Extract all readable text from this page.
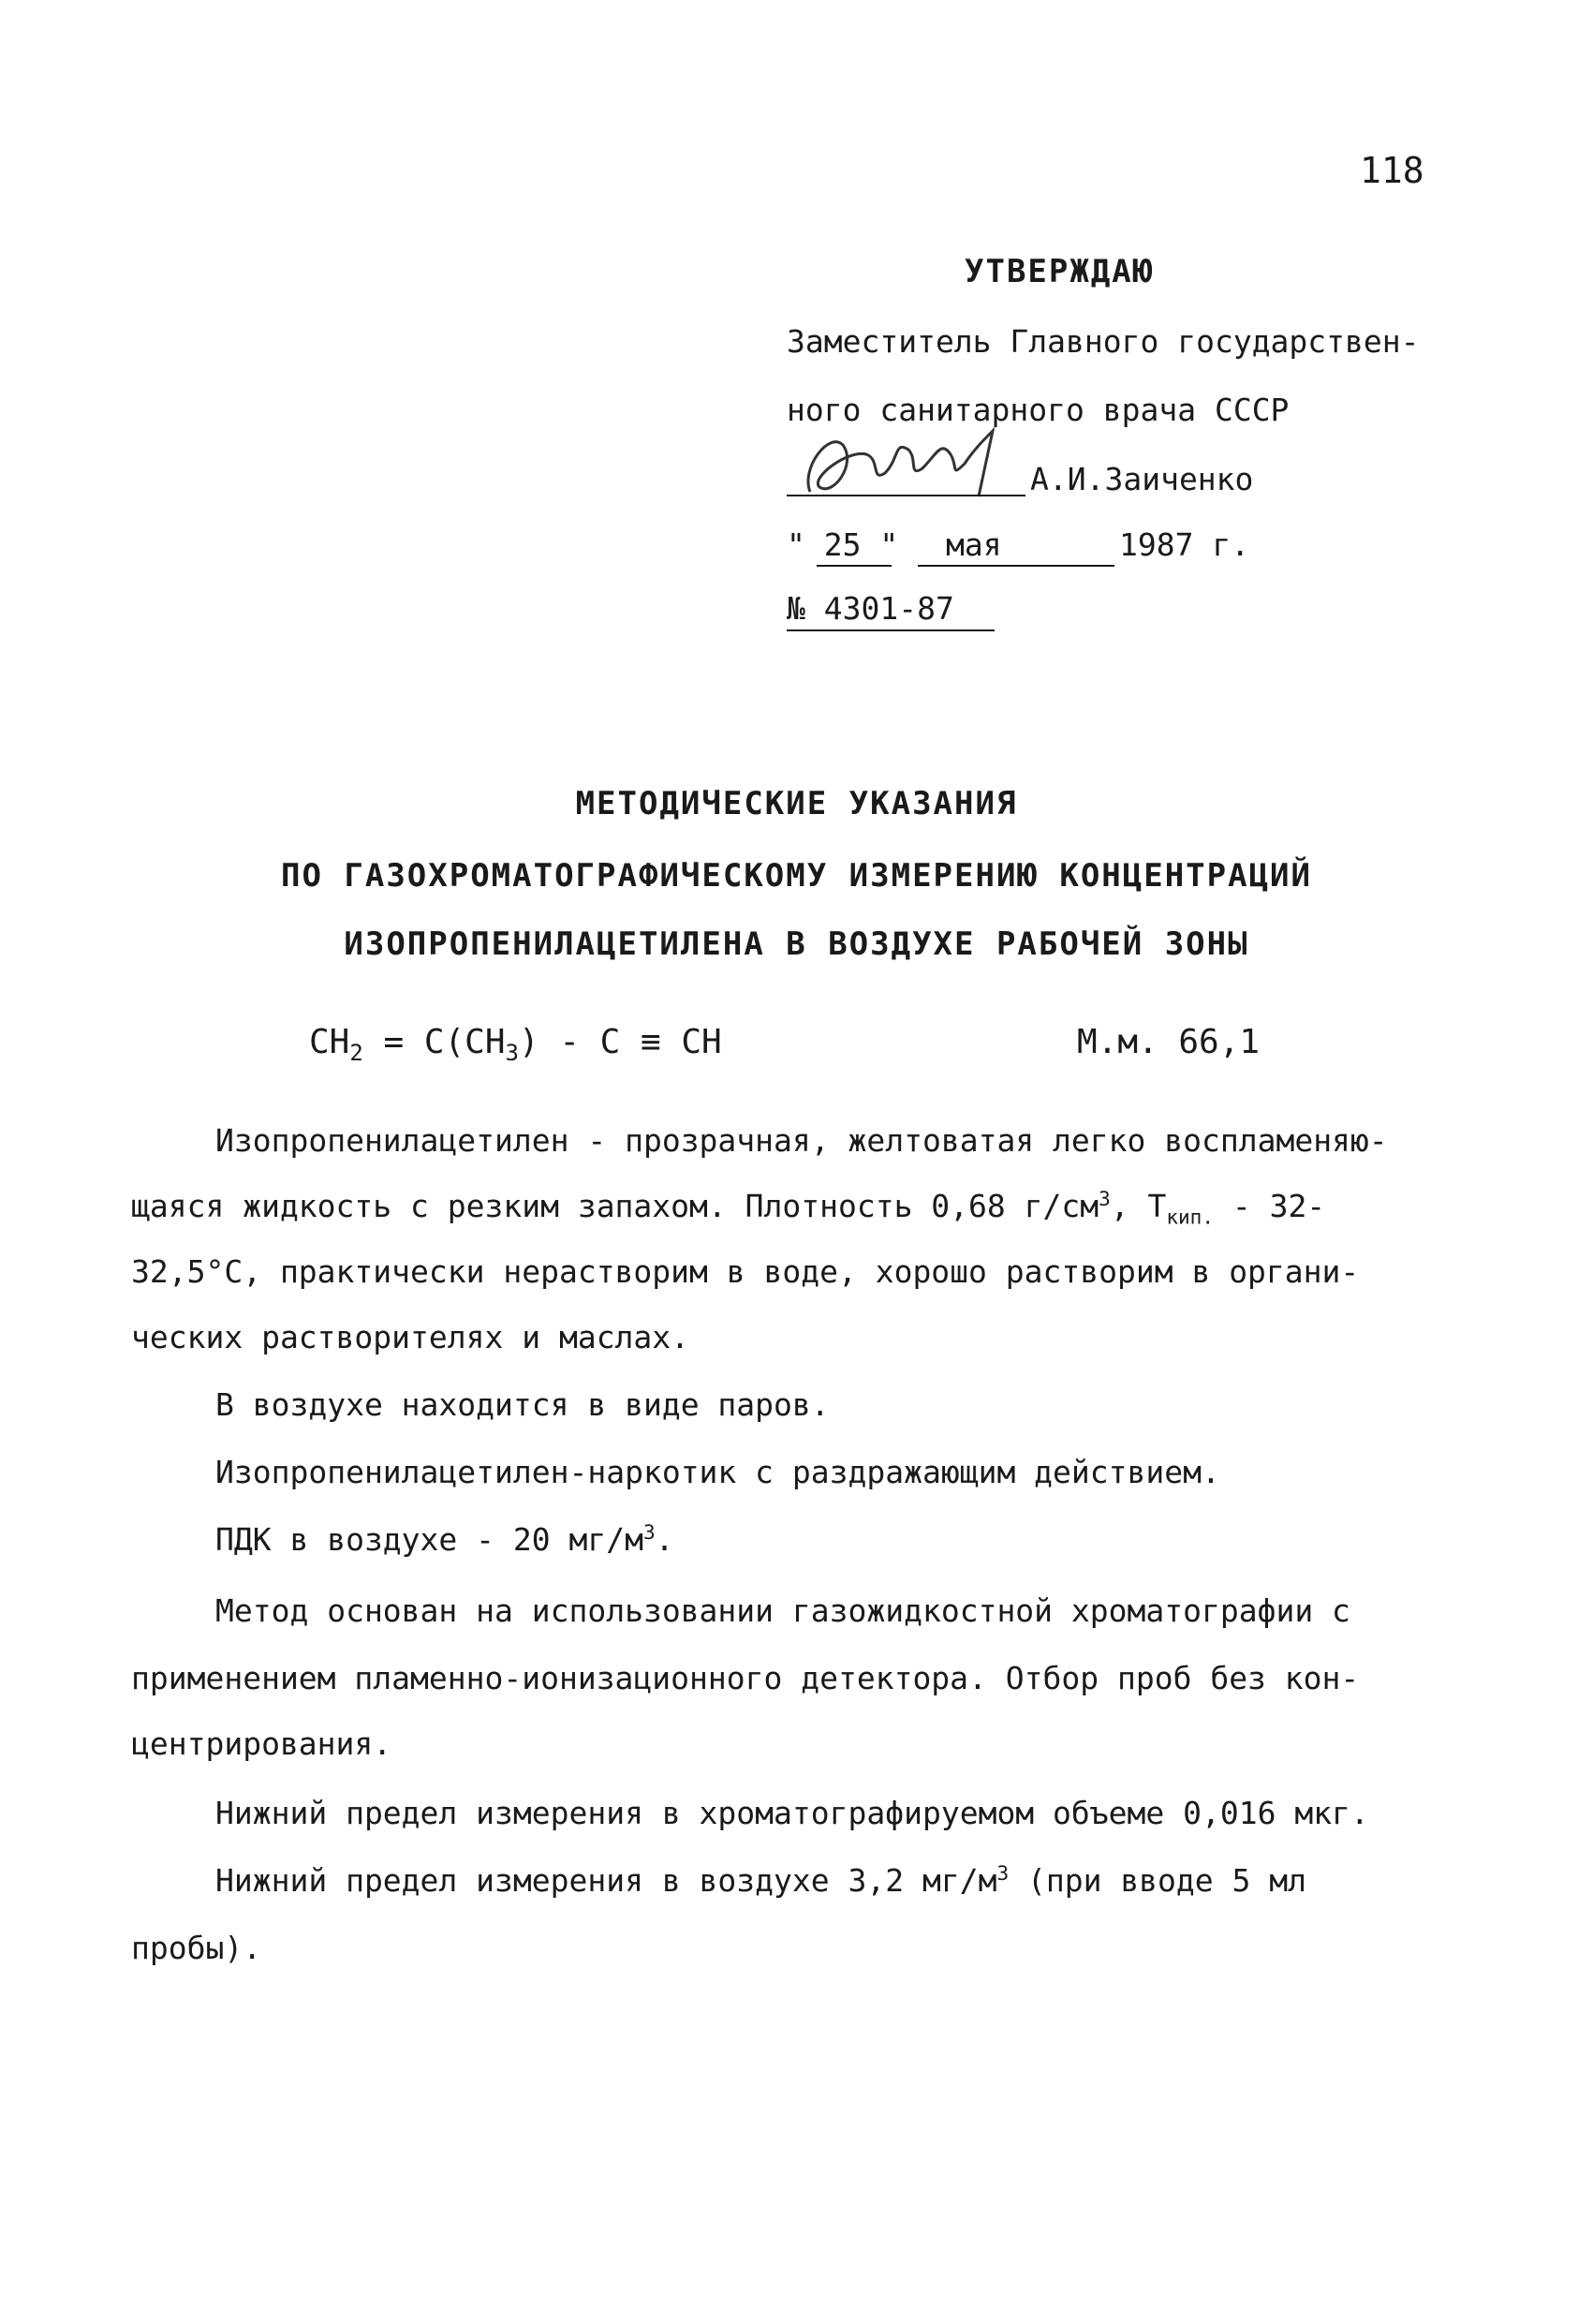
118
УТВЕРЖДАЮ
Заместитель Главного государствен-
ного санитарного врача СССР
А.И.Заиченко
" 25 " мая	1987 г.
№ 4301-87
МЕТОДИЧЕСКИЕ УКАЗАНИЯ
ПО ГАЗОХРОМАТОГРАФИЧЕСКОМУ ИЗМЕРЕНИЮ КОНЦЕНТРАЦИЙ
ИЗОПРОПЕНИЛАЦЕТИЛЕНА В ВОЗДУХЕ РАБОЧЕЙ ЗОНЫ
$CH_2 = C(CH_3) - C$ ≡ CH	М.м. 66,1
Изопропенилацетилен - прозрачная, желтоватая легко воспламеняю-
щаяся жидкость с резким запахом. Плотность 0,68 $г/см^3$, $T_{кип.} - 32-$
32,5°С, практически нерастворим в воде, хорошо растворим в органи-
ческих растворителях и маслах.
В воздухе находится в виде паров.
Изопропенилацетилен-наркотик с раздражающим действием.
ПДК в воздухе - 20 $мг/м^3$.
Метод основан на использовании газожидкостной хроматографии с
применением пламенно-ионизационного детектора. Отбор проб без кон-
центрирования.
Нижний предел измерения в хроматографируемом объеме 0,016 мкг.
Нижний предел измерения в воздухе 3,2 $мг/м^3$ (при вводе 5 мл
пробы).
